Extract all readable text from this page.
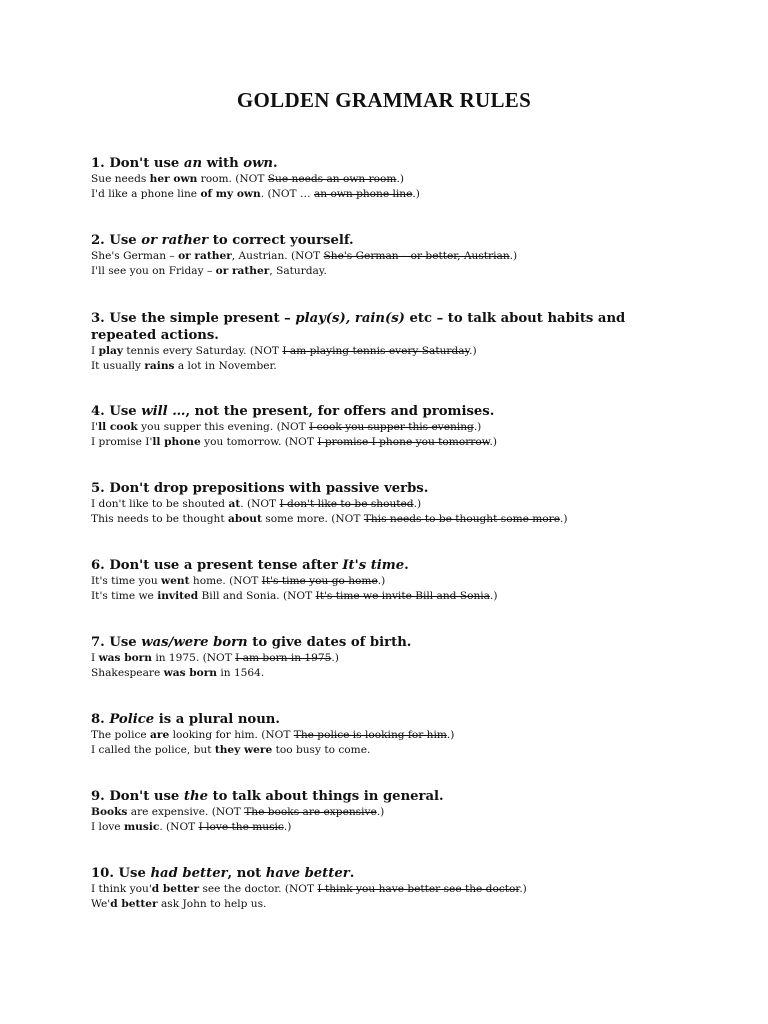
GOLDEN GRAMMAR RULES
1. Don't use an with own.
Sue needs her own room. (NOT Sue needs an own room.)
I'd like a phone line of my own. (NOT … an own phone line.)
2. Use or rather to correct yourself.
She's German – or rather, Austrian. (NOT She's German – or better, Austrian.)
I'll see you on Friday – or rather, Saturday.
3. Use the simple present – play(s), rain(s) etc – to talk about habits and repeated actions.
I play tennis every Saturday. (NOT I am playing tennis every Saturday.)
It usually rains a lot in November.
4. Use will …, not the present, for offers and promises.
I'll cook you supper this evening. (NOT I cook you supper this evening.)
I promise I'll phone you tomorrow. (NOT I promise I phone you tomorrow.)
5. Don't drop prepositions with passive verbs.
I don't like to be shouted at. (NOT I don't like to be shouted.)
This needs to be thought about some more. (NOT This needs to be thought some more.)
6. Don't use a present tense after It's time.
It's time you went home. (NOT It's time you go home.)
It's time we invited Bill and Sonia. (NOT It's time we invite Bill and Sonia.)
7. Use was/were born to give dates of birth.
I was born in 1975. (NOT I am born in 1975.)
Shakespeare was born in 1564.
8. Police is a plural noun.
The police are looking for him. (NOT The police is looking for him.)
I called the police, but they were too busy to come.
9. Don't use the to talk about things in general.
Books are expensive. (NOT The books are expensive.)
I love music. (NOT I love the music.)
10. Use had better, not have better.
I think you'd better see the doctor. (NOT I think you have better see the doctor.)
We'd better ask John to help us.
